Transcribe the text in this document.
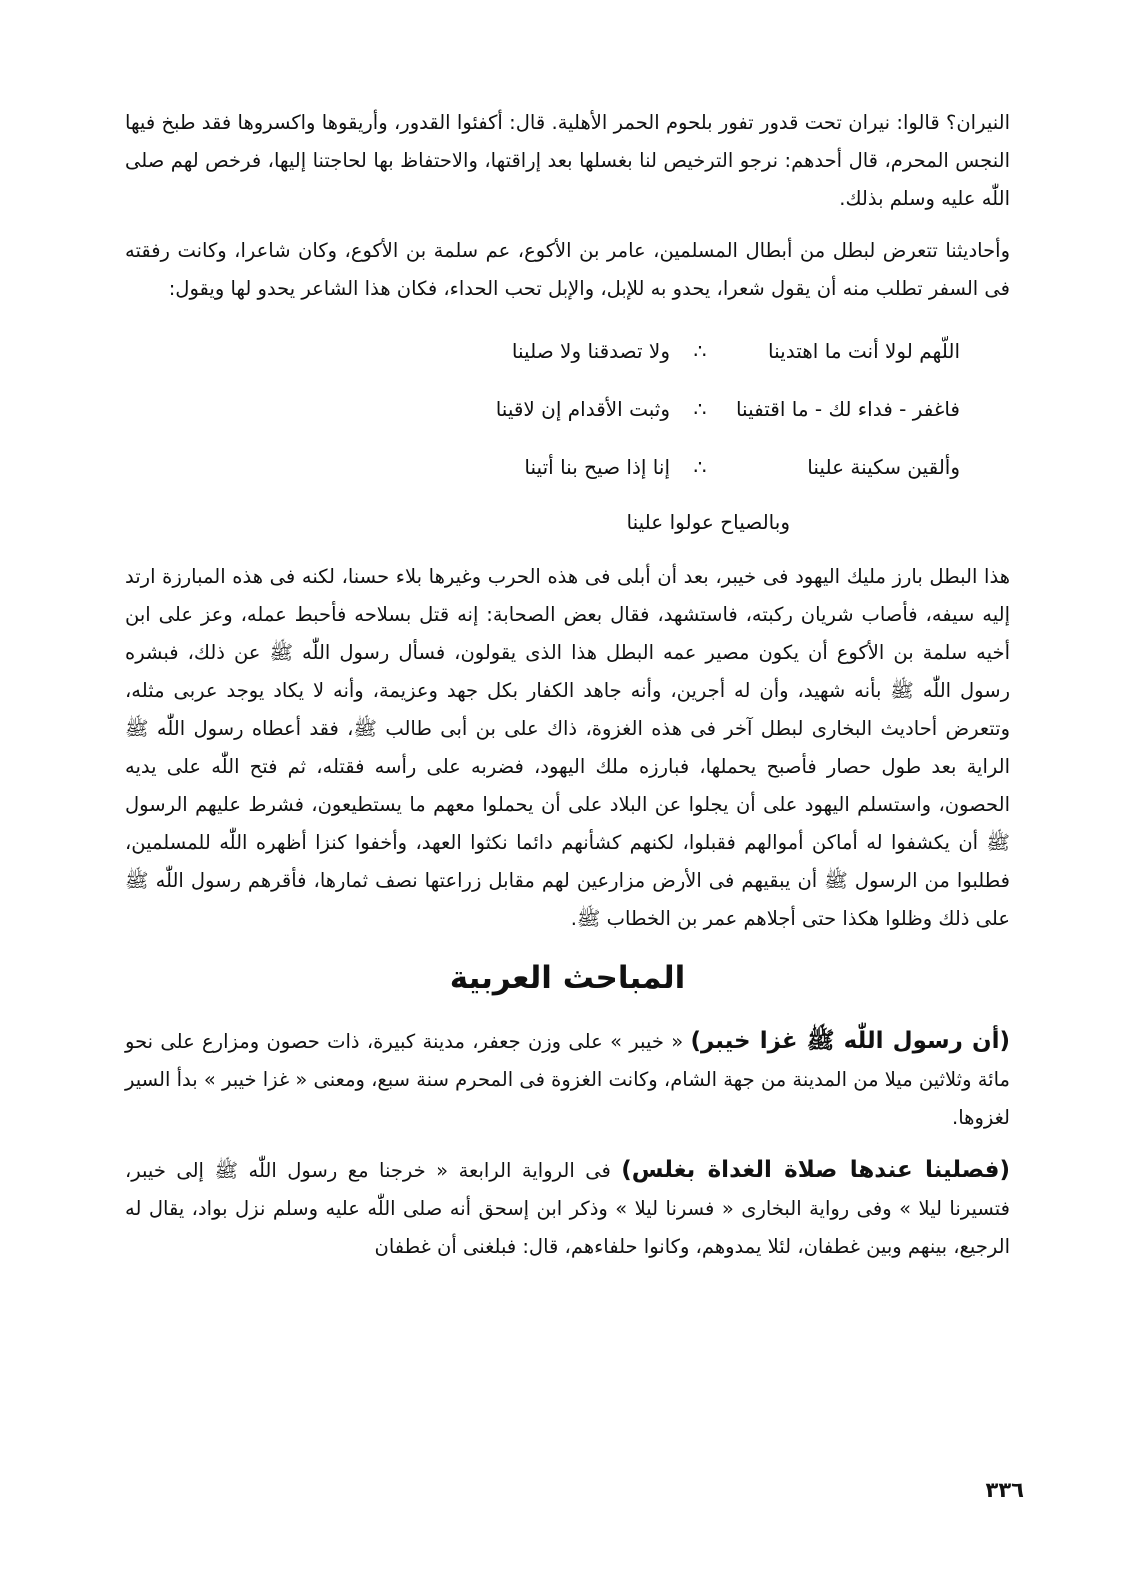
النيران؟ قالوا: نيران تحت قدور تفور بلحوم الحمر الأهلية. قال: أكفئوا القدور، وأريقوها واكسروها فقد طبخ فيها النجس المحرم، قال أحدهم: نرجو الترخيص لنا بغسلها بعد إراقتها، والاحتفاظ بها لحاجتنا إليها، فرخص لهم صلى اللّٰه عليه وسلم بذلك.

وأحاديثنا تتعرض لبطل من أبطال المسلمين، عامر بن الأكوع، عم سلمة بن الأكوع، وكان شاعرا، وكانت رفقته فى السفر تطلب منه أن يقول شعرا، يحدو به للإبل، والإبل تحب الحداء، فكان هذا الشاعر يحدو لها ويقول:

اللّهم لولا أنت ما اهتدينا
∴
ولا تصدقنا ولا صلينا
فاغفر - فداء لك - ما اقتفينا
∴
وثبت الأقدام إن لاقينا
وألقين سكينة علينا
∴
إنا إذا صيح بنا أتينا
وبالصياح عولوا علينا

هذا البطل بارز مليك اليهود فى خيبر، بعد أن أبلى فى هذه الحرب وغيرها بلاء حسنا، لكنه فى هذه المبارزة ارتد إليه سيفه، فأصاب شريان ركبته، فاستشهد، فقال بعض الصحابة: إنه قتل بسلاحه فأحبط عمله، وعز على ابن أخيه سلمة بن الأكوع أن يكون مصير عمه البطل هذا الذى يقولون، فسأل رسول اللّٰه ﷺ عن ذلك، فبشره رسول اللّٰه ﷺ بأنه شهيد، وأن له أجرين، وأنه جاهد الكفار بكل جهد وعزيمة، وأنه لا يكاد يوجد عربى مثله، وتتعرض أحاديث البخارى لبطل آخر فى هذه الغزوة، ذاك على بن أبى طالب ﷺ، فقد أعطاه رسول اللّٰه ﷺ الراية بعد طول حصار فأصبح يحملها، فبارزه ملك اليهود، فضربه على رأسه فقتله، ثم فتح اللّٰه على يديه الحصون، واستسلم اليهود على أن يجلوا عن البلاد على أن يحملوا معهم ما يستطيعون، فشرط عليهم الرسول ﷺ أن يكشفوا له أماكن أموالهم فقبلوا، لكنهم كشأنهم دائما نكثوا العهد، وأخفوا كنزا أظهره اللّٰه للمسلمين، فطلبوا من الرسول ﷺ أن يبقيهم فى الأرض مزارعين لهم مقابل زراعتها نصف ثمارها، فأقرهم رسول اللّٰه ﷺ على ذلك وظلوا هكذا حتى أجلاهم عمر بن الخطاب ﷺ.

المباحث العربية

(أن رسول اللّٰه ﷺ غزا خيبر) « خيبر » على وزن جعفر، مدينة كبيرة، ذات حصون ومزارع على نحو مائة وثلاثين ميلا من المدينة من جهة الشام، وكانت الغزوة فى المحرم سنة سبع، ومعنى « غزا خيبر » بدأ السير لغزوها.

(فصلينا عندها صلاة الغداة بغلس) فى الرواية الرابعة « خرجنا مع رسول اللّٰه ﷺ إلى خيبر، فتسيرنا ليلا » وفى رواية البخارى « فسرنا ليلا » وذكر ابن إسحق أنه صلى اللّٰه عليه وسلم نزل بواد، يقال له الرجيع، بينهم وبين غطفان، لئلا يمدوهم، وكانوا حلفاءهم، قال: فبلغنى أن غطفان

٣٣٦
